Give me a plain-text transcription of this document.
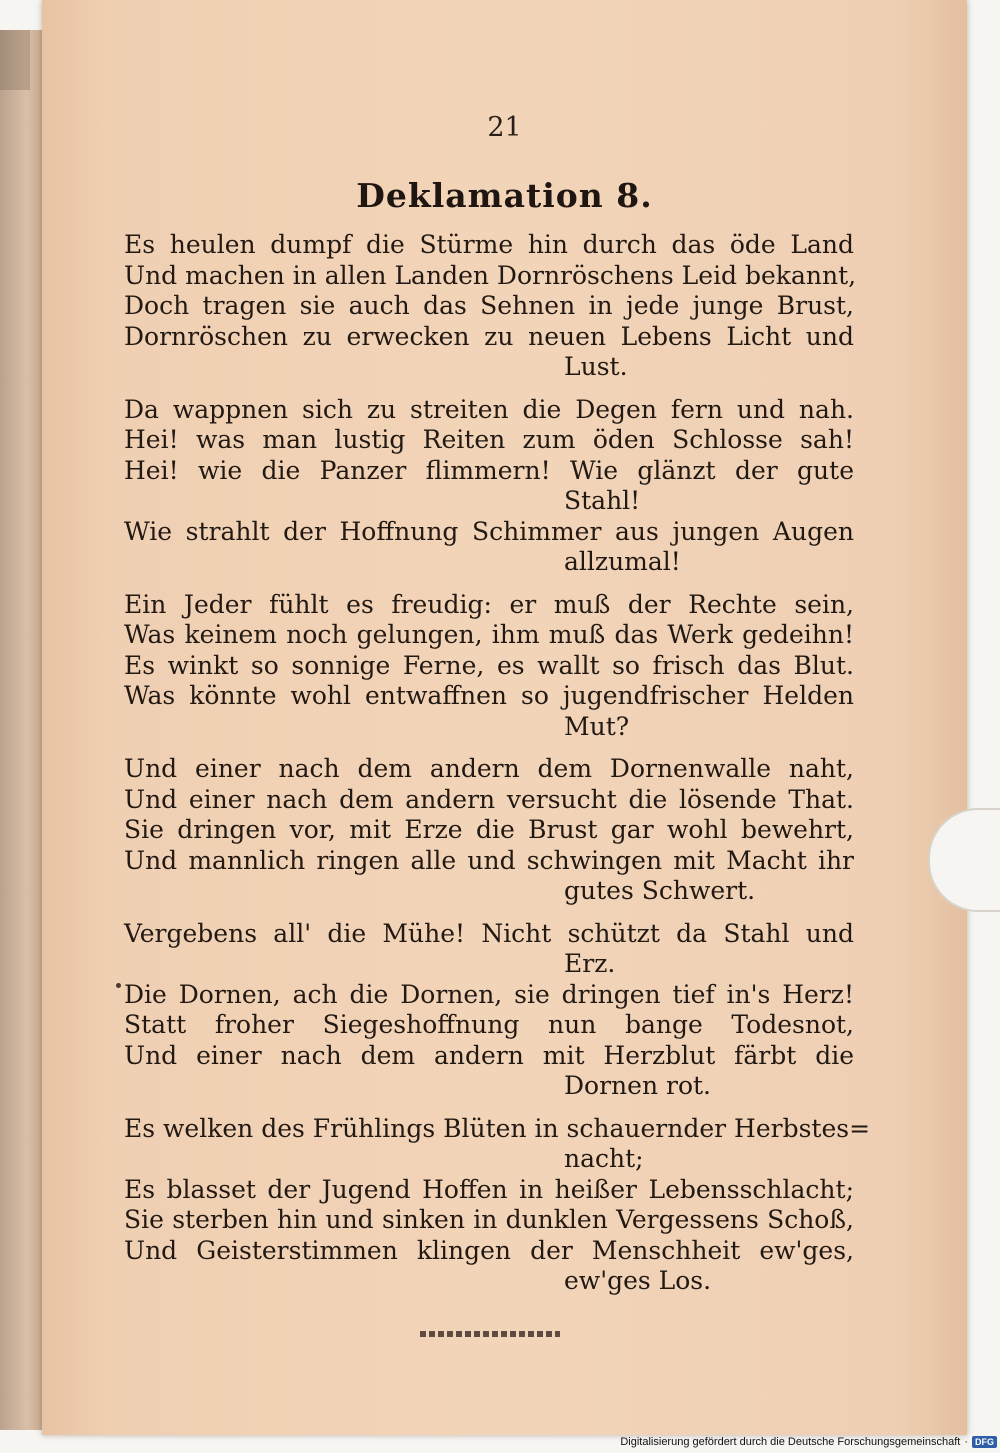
21
Deklamation 8.
Es heulen dumpf die Stürme hin durch das öde Land
Und machen in allen Landen Dornröschens Leid bekannt,
Doch tragen sie auch das Sehnen in jede junge Brust,
Dornröschen zu erwecken zu neuen Lebens Licht und
Lust.
Da wappnen sich zu streiten die Degen fern und nah.
Hei! was man lustig Reiten zum öden Schlosse sah!
Hei! wie die Panzer flimmern! Wie glänzt der gute
Stahl!
Wie strahlt der Hoffnung Schimmer aus jungen Augen
allzumal!
Ein Jeder fühlt es freudig: er muß der Rechte sein,
Was keinem noch gelungen, ihm muß das Werk gedeihn!
Es winkt so sonnige Ferne, es wallt so frisch das Blut.
Was könnte wohl entwaffnen so jugendfrischer Helden
Mut?
Und einer nach dem andern dem Dornenwalle naht,
Und einer nach dem andern versucht die lösende That.
Sie dringen vor, mit Erze die Brust gar wohl bewehrt,
Und mannlich ringen alle und schwingen mit Macht ihr
gutes Schwert.
Vergebens all' die Mühe! Nicht schützt da Stahl und
Erz.
Die Dornen, ach die Dornen, sie dringen tief in's Herz!
Statt froher Siegeshoffnung nun bange Todesnot,
Und einer nach dem andern mit Herzblut färbt die
Dornen rot.
Es welken des Frühlings Blüten in schauernder Herbstes=
nacht;
Es blasset der Jugend Hoffen in heißer Lebensschlacht;
Sie sterben hin und sinken in dunklen Vergessens Schoß,
Und Geisterstimmen klingen der Menschheit ew'ges,
ew'ges Los.
Digitalisierung gefördert durch die Deutsche Forschungsgemeinschaft · DFG
